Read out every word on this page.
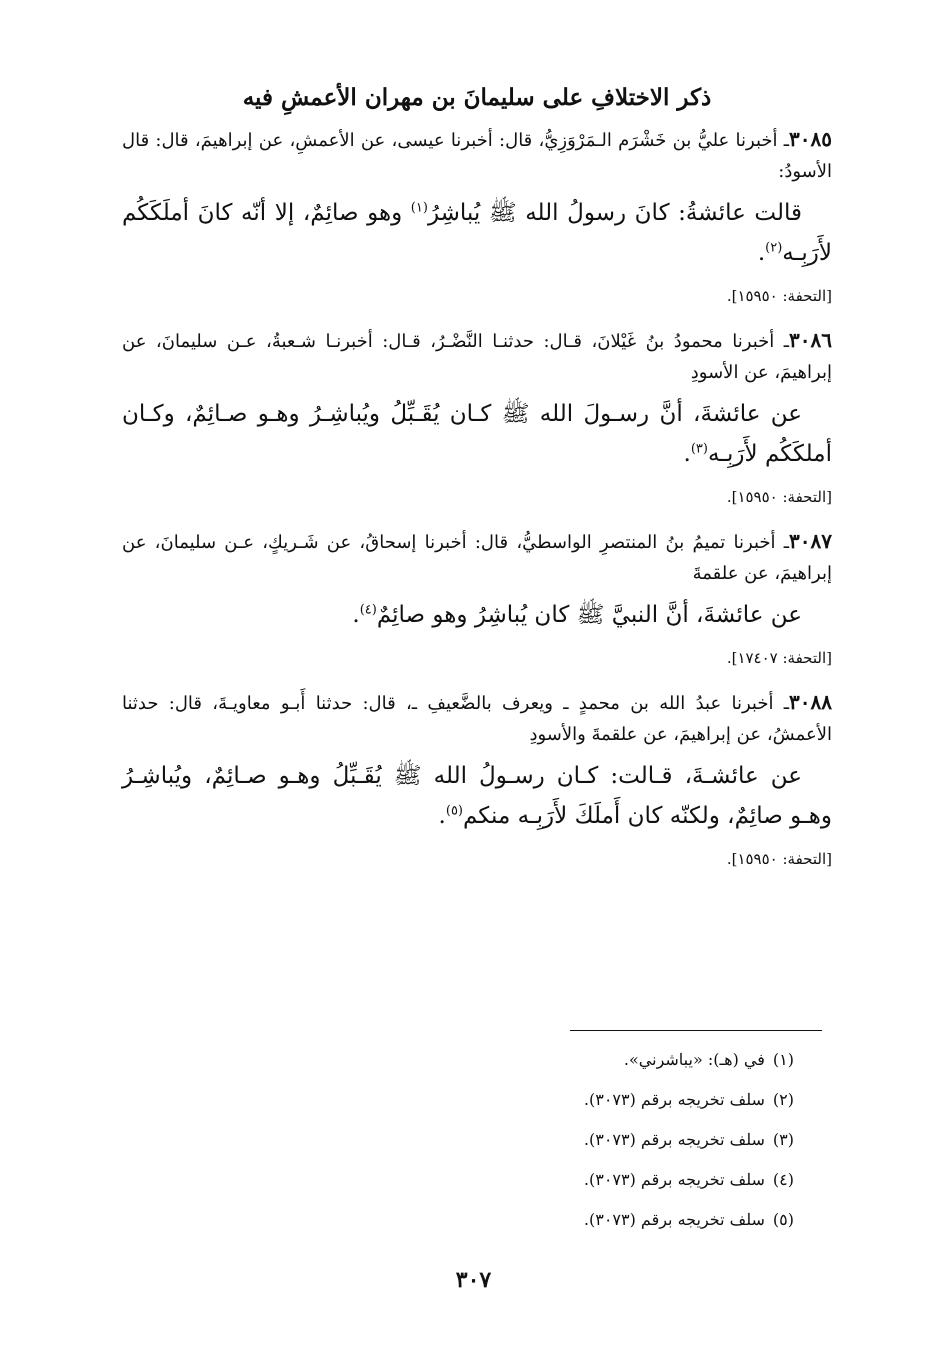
ذكر الاختلافِ على سليمانَ بن مهران الأعمشِ فيه

٣٠٨٥ـ أخبرنا عليُّ بن خَشْرَم الـمَرْوَزِيُّ، قال: أخبرنا عيسى، عن الأعمشِ، عن إبراهيمَ، قال: قال الأسودُ:

قالت عائشةُ: كانَ رسولُ الله ﷺ يُباشِرُ$^{(١)}$ وهو صائِمٌ، إلا أنّه كانَ أملَكَكُم لأَرَبِـه$^{(٢)}$.

[التحفة: ١٥٩٥٠].

٣٠٨٦ـ أخبرنا محمودُ بنُ غَيْلانَ، قـال: حدثنـا النَّضْـرُ، قـال: أخبرنـا شـعبةُ، عـن سليمانَ، عن إبراهيمَ، عن الأسودِ

عن عائشةَ، أنَّ رسـولَ الله ﷺ كـان يُقَـبِّلُ ويُباشِـرُ وهـو صـائِمٌ، وكـان أملكَكُم لأَرَبِـه$^{(٣)}$.

[التحفة: ١٥٩٥٠].

٣٠٨٧ـ أخبرنا تميمُ بنُ المنتصرِ الواسطيُّ، قال: أخبرنا إسحاقُ، عن شَـريكٍ، عـن سليمانَ، عن إبراهيمَ، عن علقمةَ

عن عائشةَ، أنَّ النبيَّ ﷺ كان يُباشِرُ وهو صائِمٌ$^{(٤)}$.

[التحفة: ١٧٤٠٧].

٣٠٨٨ـ أخبرنا عبدُ الله بن محمدٍ ـ ويعرف بالضَّعيفِ ـ، قال: حدثنا أَبـو معاويـةَ، قال: حدثنا الأعمشُ، عن إبراهيمَ، عن علقمةَ والأسودِ

عن عائشـةَ، قـالت: كـان رسـولُ الله ﷺ يُقَـبِّلُ وهـو صـائِمٌ، ويُباشِـرُ وهـو صائِمٌ، ولكنّه كان أَملَكَ لأَرَبِـه منكم$^{(٥)}$.

[التحفة: ١٥٩٥٠].

(١)في (هـ): «يباشرني».
(٢)سلف تخريجه برقم (٣٠٧٣).
(٣)سلف تخريجه برقم (٣٠٧٣).
(٤)سلف تخريجه برقم (٣٠٧٣).
(٥)سلف تخريجه برقم (٣٠٧٣).
٣٠٧
